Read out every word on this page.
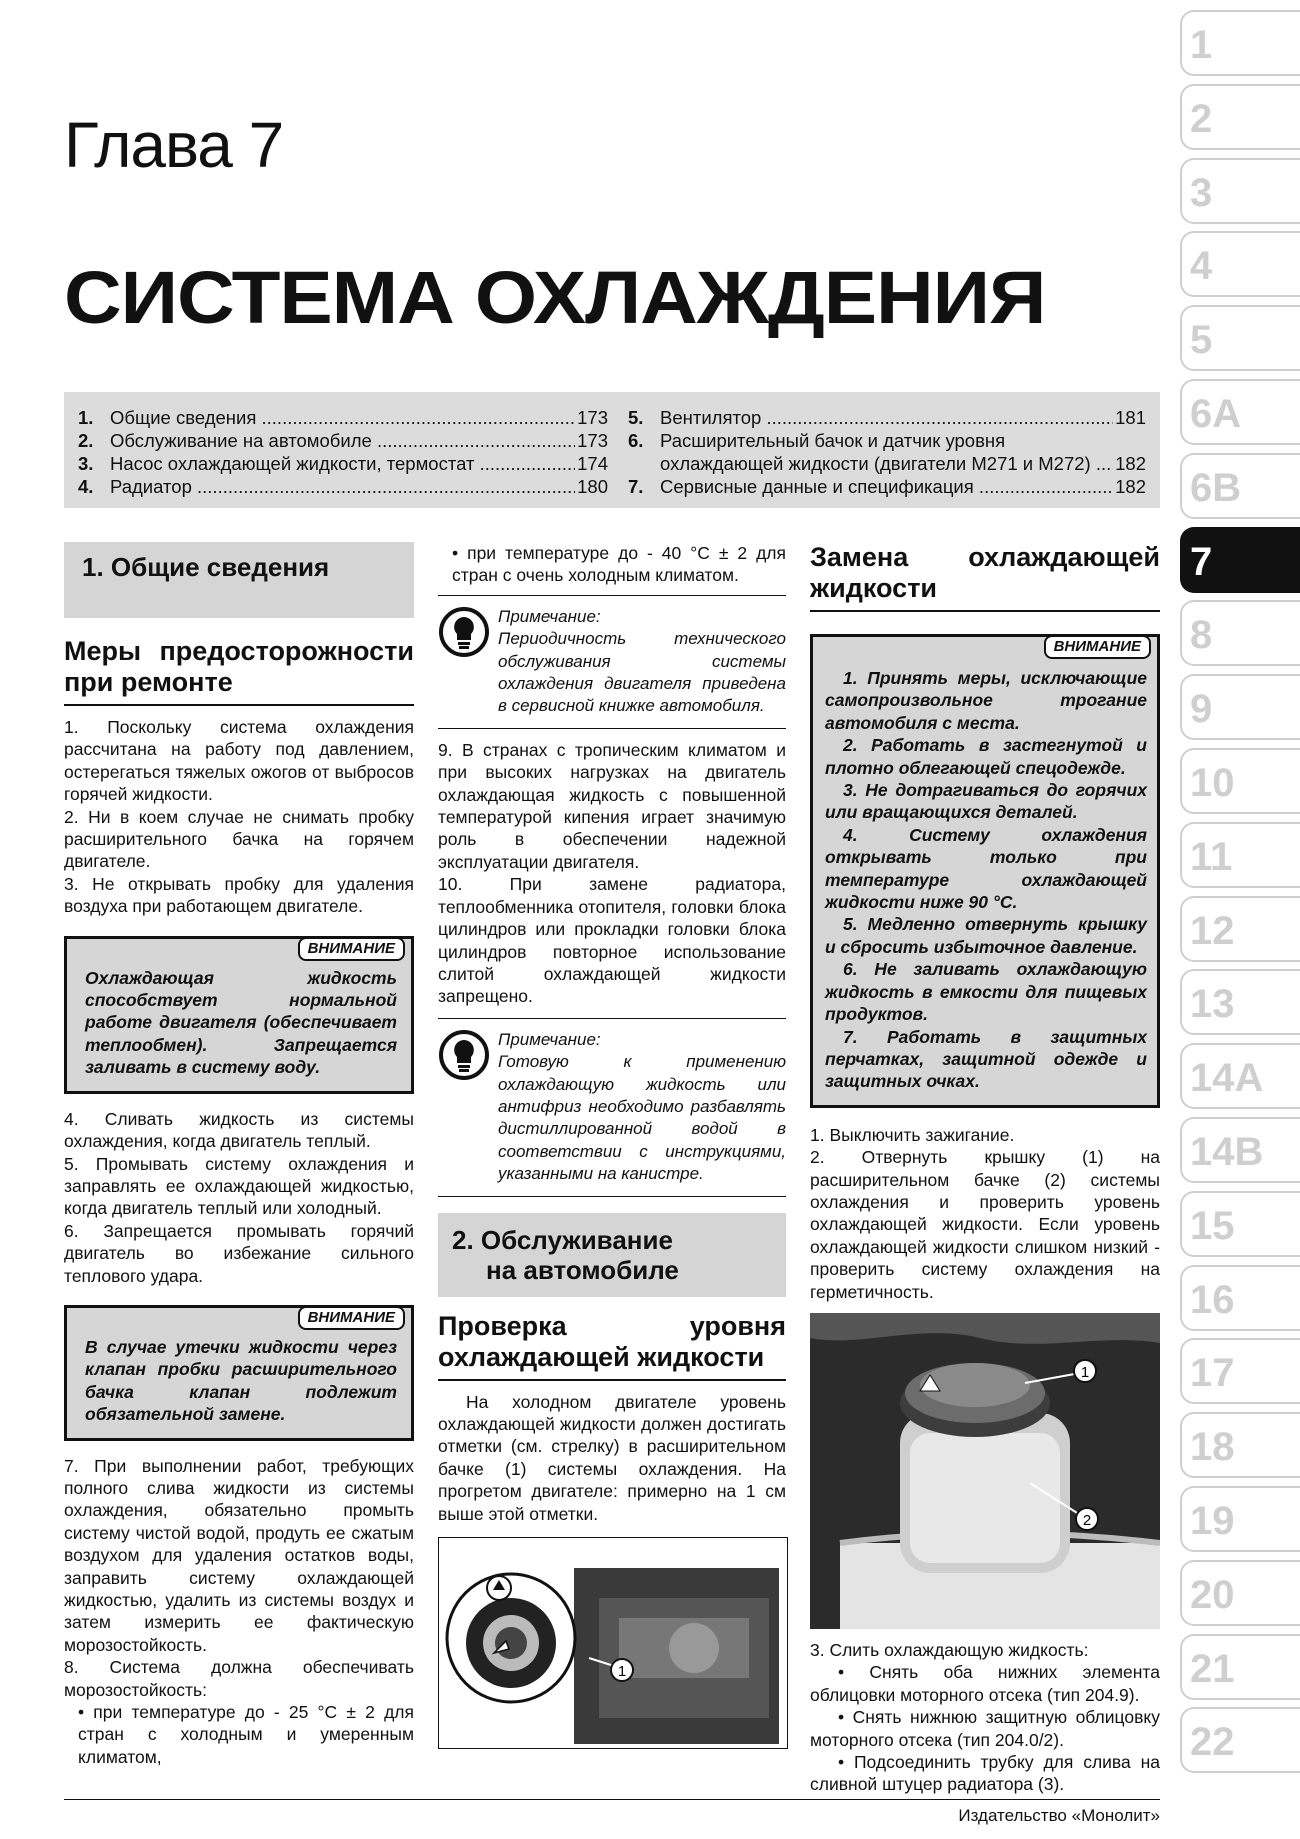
Глава 7
СИСТЕМА ОХЛАЖДЕНИЯ
1. Общие сведения .....	173
2. Обслуживание на автомобиле .....	173
3. Насос охлаждающей жидкости, термостат .....	174
4. Радиатор .....	180
5. Вентилятор .....	181
6. Расширительный бачок и датчик уровня
охлаждающей жидкости (двигатели M271 и M272) .....	182
7. Сервисные данные и спецификация .....	182
1. Общие сведения
Меры предосторожности при ремонте

1. Поскольку система охлаждения рассчитана на работу под давлением, остерегаться тяжелых ожогов от выбросов горячей жидкости.

2. Ни в коем случае не снимать пробку расширительного бачка на горячем двигателе.

3. Не открывать пробку для удаления воздуха при работающем двигателе.

ВНИМАНИЕ
Охлаждающая жидкость способствует нормальной работе двигателя (обеспечивает теплообмен). Запрещается заливать в систему воду.

4. Сливать жидкость из системы охлаждения, когда двигатель теплый.

5. Промывать систему охлаждения и заправлять ее охлаждающей жидкостью, когда двигатель теплый или холодный.

6. Запрещается промывать горячий двигатель во избежание сильного теплового удара.

ВНИМАНИЕ
В случае утечки жидкости через клапан пробки расширительного бачка клапан подлежит обязательной замене.

7. При выполнении работ, требующих полного слива жидкости из системы охлаждения, обязательно промыть систему чистой водой, продуть ее сжатым воздухом для удаления остатков воды, заправить систему охлаждающей жидкостью, удалить из системы воздух и затем измерить ее фактическую морозостойкость.

8. Система должна обеспечивать морозостойкость:

• при температуре до - 25 °С ± 2 для стран с холодным и умеренным климатом,

• при температуре до - 40 °С ± 2 для стран с очень холодным климатом.

Примечание:
Периодичность технического обслуживания системы охлаждения двигателя приведена в сервисной книжке автомобиля.

9. В странах с тропическим климатом и при высоких нагрузках на двигатель охлаждающая жидкость с повышенной температурой кипения играет значимую роль в обеспечении надежной эксплуатации двигателя.

10. При замене радиатора, теплообменника отопителя, головки блока цилиндров или прокладки головки блока цилиндров повторное использование слитой охлаждающей жидкости запрещено.

Примечание:
Готовую к применению охлаждающую жидкость или антифриз необходимо разбавлять дистиллированной водой в соответствии с инструкциями, указанными на канистре.
2. Обслуживание
на автомобиле
Проверка уровня охлаждающей жидкости

На холодном двигателе уровень охлаждающей жидкости должен достигать отметки (см. стрелку) в расширительном бачке (1) системы охлаждения. На прогретом двигателе: примерно на 1 см выше этой отметки.

1
Замена охлаждающей жидкости
ВНИМАНИЕ
1. Принять меры, исключающие самопроизвольное трогание автомобиля с места.
2. Работать в застегнутой и плотно облегающей спецодежде.
3. Не дотрагиваться до горячих или вращающихся деталей.
4. Систему охлаждения открывать только при температуре охлаждающей жидкости ниже 90 °С.
5. Медленно отвернуть крышку и сбросить избыточное давление.
6. Не заливать охлаждающую жидкость в емкости для пищевых продуктов.
7. Работать в защитных перчатках, защитной одежде и защитных очках.

1. Выключить зажигание.

2. Отвернуть крышку (1) на расширительном бачке (2) системы охлаждения и проверить уровень охлаждающей жидкости. Если уровень охлаждающей жидкости слишком низкий - проверить систему охлаждения на герметичность.

1
2

3. Слить охлаждающую жидкость:

• Снять оба нижних элемента облицовки моторного отсека (тип 204.9).

• Снять нижнюю защитную облицовку моторного отсека (тип 204.0/2).

• Подсоединить трубку для слива на сливной штуцер радиатора (3).

1
2
3
4
5
6A
6B
7
8
9
10
11
12
13
14A
14B
15
16
17
18
19
20
21
22
Издательство «Монолит»
